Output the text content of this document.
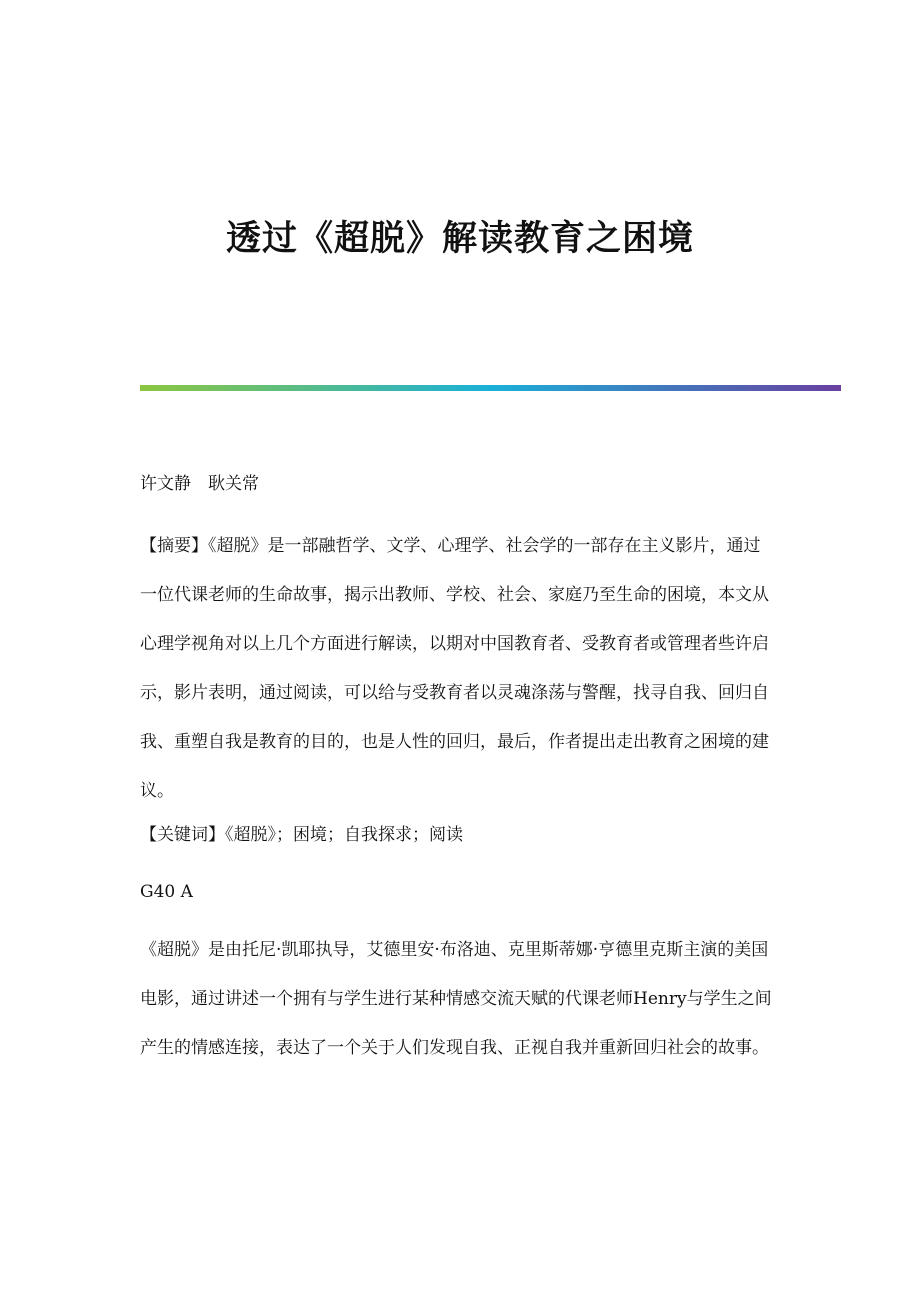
透过《超脱》解读教育之困境

许文静　耿关常

【摘要】《超脱》是一部融哲学、文学、心理学、社会学的一部存在主义影片，通过一位代课老师的生命故事，揭示出教师、学校、社会、家庭乃至生命的困境，本文从心理学视角对以上几个方面进行解读，以期对中国教育者、受教育者或管理者些许启示，影片表明，通过阅读，可以给与受教育者以灵魂涤荡与警醒，找寻自我、回归自我、重塑自我是教育的目的，也是人性的回归，最后，作者提出走出教育之困境的建议。

【关键词】《超脱》；困境；自我探求；阅读

G40 A

《超脱》是由托尼·凯耶执导，艾德里安·布洛迪、克里斯蒂娜·亨德里克斯主演的美国电影，通过讲述一个拥有与学生进行某种情感交流天赋的代课老师Henry与学生之间产生的情感连接，表达了一个关于人们发现自我、正视自我并重新回归社会的故事。
